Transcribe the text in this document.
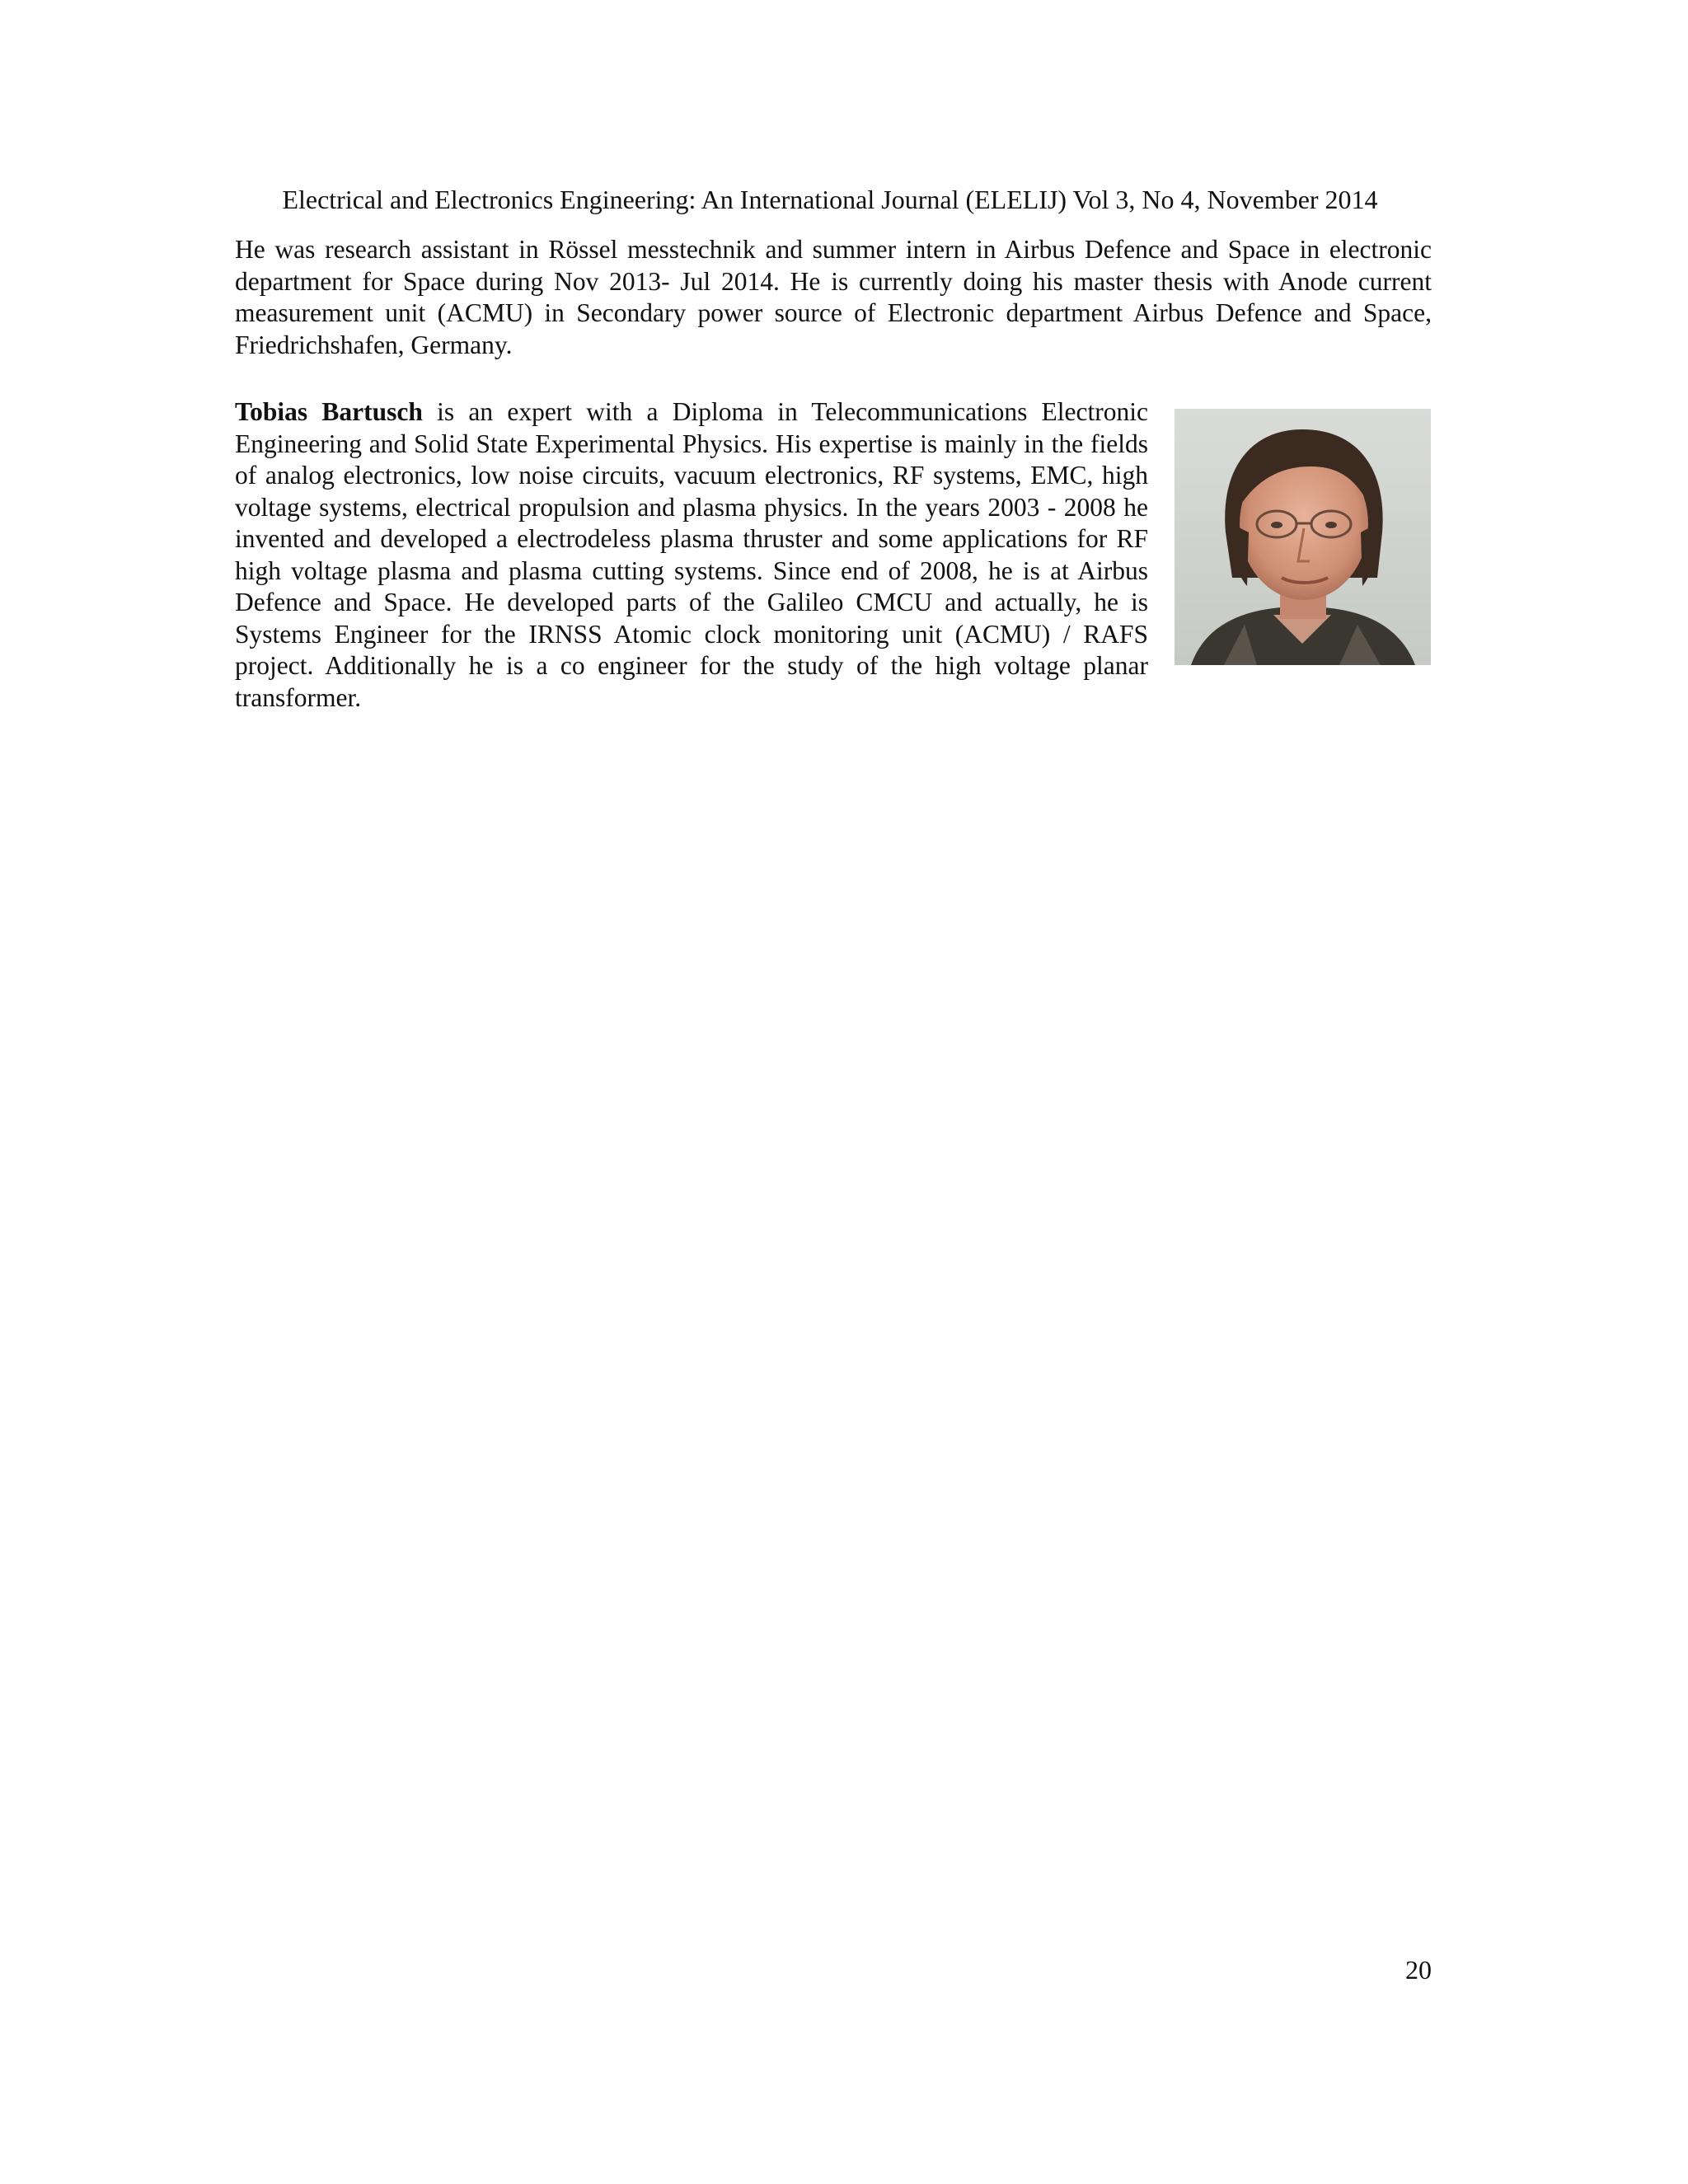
Electrical and Electronics Engineering: An International Journal (ELELIJ) Vol 3, No 4, November 2014

He was research assistant in Rössel messtechnik and summer intern in Airbus Defence and Space in electronic department for Space during Nov 2013- Jul 2014. He is currently doing his master thesis with Anode current measurement unit (ACMU) in Secondary power source of Electronic department Airbus Defence and Space, Friedrichshafen, Germany.

Tobias Bartusch is an expert with a Diploma in Telecommunications Electronic Engineering and Solid State Experimental Physics. His expertise is mainly in the fields of analog electronics, low noise circuits, vacuum electronics, RF systems, EMC, high voltage systems, electrical propulsion and plasma physics. In the years 2003 - 2008 he invented and developed a electrodeless plasma thruster and some applications for RF high voltage plasma and plasma cutting systems. Since end of 2008, he is at Airbus Defence and Space. He developed parts of the Galileo CMCU and actually, he is Systems Engineer for the IRNSS Atomic clock monitoring unit (ACMU) / RAFS project. Additionally he is a co engineer for the study of the high voltage planar transformer.

20
